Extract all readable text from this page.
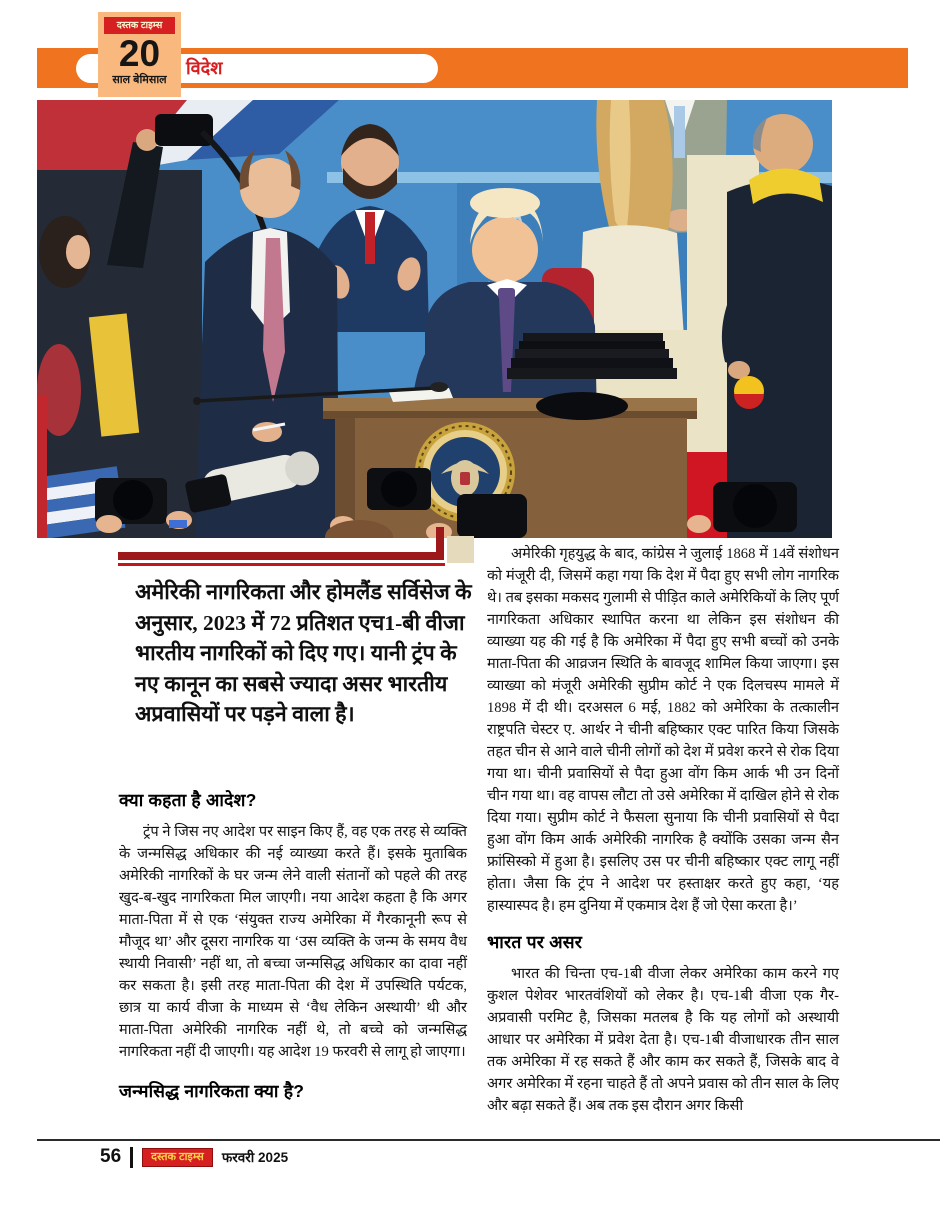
विदेश
दस्तक टाइम्स
20
साल बेमिसाल
अमेरिकी नागरिकता और होमलैंड सर्विसेज के अनुसार, 2023 में 72 प्रतिशत एच1-बी वीजा भारतीय नागरिकों को दिए गए। यानी ट्रंप के नए कानून का सबसे ज्यादा असर भारतीय अप्रवासियों पर पड़ने वाला है।
क्या कहता है आदेश?

ट्रंप ने जिस नए आदेश पर साइन किए हैं, वह एक तरह से व्यक्ति के जन्मसिद्ध अधिकार की नई व्याख्या करते हैं। इसके मुताबिक अमेरिकी नागरिकों के घर जन्म लेने वाली संतानों को पहले की तरह खुद-ब-खुद नागरिकता मिल जाएगी। नया आदेश कहता है कि अगर माता-पिता में से एक ‘संयुक्त राज्य अमेरिका में गैरकानूनी रूप से मौजूद था’ और दूसरा नागरिक या ‘उस व्यक्ति के जन्म के समय वैध स्थायी निवासी’ नहीं था, तो बच्चा जन्मसिद्ध अधिकार का दावा नहीं कर सकता है। इसी तरह माता-पिता की देश में उपस्थिति पर्यटक, छात्र या कार्य वीजा के माध्यम से ‘वैध लेकिन अस्थायी’ थी और माता-पिता अमेरिकी नागरिक नहीं थे, तो बच्चे को जन्मसिद्ध नागरिकता नहीं दी जाएगी। यह आदेश 19 फरवरी से लागू हो जाएगा।

जन्मसिद्ध नागरिकता क्या है?

अमेरिकी गृहयुद्ध के बाद, कांग्रेस ने जुलाई 1868 में 14वें संशोधन को मंजूरी दी, जिसमें कहा गया कि देश में पैदा हुए सभी लोग नागरिक थे। तब इसका मकसद गुलामी से पीड़ित काले अमेरिकियों के लिए पूर्ण नागरिकता अधिकार स्थापित करना था लेकिन इस संशोधन की व्याख्या यह की गई है कि अमेरिका में पैदा हुए सभी बच्चों को उनके माता-पिता की आव्रजन स्थिति के बावजूद शामिल किया जाएगा। इस व्याख्या को मंजूरी अमेरिकी सुप्रीम कोर्ट ने एक दिलचस्प मामले में 1898 में दी थी। दरअसल 6 मई, 1882 को अमेरिका के तत्कालीन राष्ट्रपति चेस्टर ए. आर्थर ने चीनी बहिष्कार एक्ट पारित किया जिसके तहत चीन से आने वाले चीनी लोगों को देश में प्रवेश करने से रोक दिया गया था। चीनी प्रवासियों से पैदा हुआ वोंग किम आर्क भी उन दिनों चीन गया था। वह वापस लौटा तो उसे अमेरिका में दाखिल होने से रोक दिया गया। सुप्रीम कोर्ट ने फैसला सुनाया कि चीनी प्रवासियों से पैदा हुआ वोंग किम आर्क अमेरिकी नागरिक है क्योंकि उसका जन्म सैन फ्रांसिस्को में हुआ है। इसलिए उस पर चीनी बहिष्कार एक्ट लागू नहीं होता। जैसा कि ट्रंप ने आदेश पर हस्ताक्षर करते हुए कहा, ‘यह हास्यास्पद है। हम दुनिया में एकमात्र देश हैं जो ऐसा करता है।’

भारत पर असर

भारत की चिन्ता एच-1बी वीजा लेकर अमेरिका काम करने गए कुशल पेशेवर भारतवंशियों को लेकर है। एच-1बी वीजा एक गैर-अप्रवासी परमिट है, जिसका मतलब है कि यह लोगों को अस्थायी आधार पर अमेरिका में प्रवेश देता है। एच-1बी वीजाधारक तीन साल तक अमेरिका में रह सकते हैं और काम कर सकते हैं, जिसके बाद वे अगर अमेरिका में रहना चाहते हैं तो अपने प्रवास को तीन साल के लिए और बढ़ा सकते हैं। अब तक इस दौरान अगर किसी

56	दस्तक टाइम्स	फरवरी 2025
